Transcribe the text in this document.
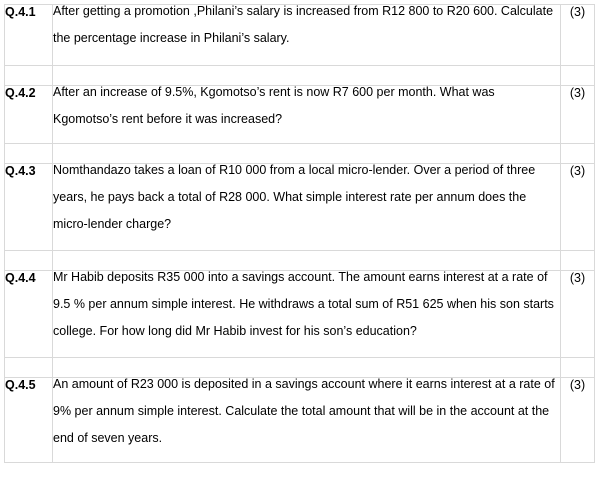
Q.4.1	After getting a promotion ,Philani’s salary is increased from R12 800 to R20 600. Calculate the percentage increase in Philani’s salary.	(3)

Q.4.2	After an increase of 9.5%, Kgomotso’s rent is now R7 600 per month. What was Kgomotso’s rent before it was increased?	(3)

Q.4.3	Nomthandazo takes a loan of R10 000 from a local micro-lender. Over a period of three years, he pays back a total of R28 000. What simple interest rate per annum does the micro-lender charge?	(3)

Q.4.4	Mr Habib deposits R35 000 into a savings account. The amount earns interest at a rate of 9.5 % per annum simple interest. He withdraws a total sum of R51 625 when his son starts college. For how long did Mr Habib invest for his son’s education?	(3)

Q.4.5	An amount of R23 000 is deposited in a savings account where it earns interest at a rate of 9% per annum simple interest. Calculate the total amount that will be in the account at the end of seven years.	(3)
